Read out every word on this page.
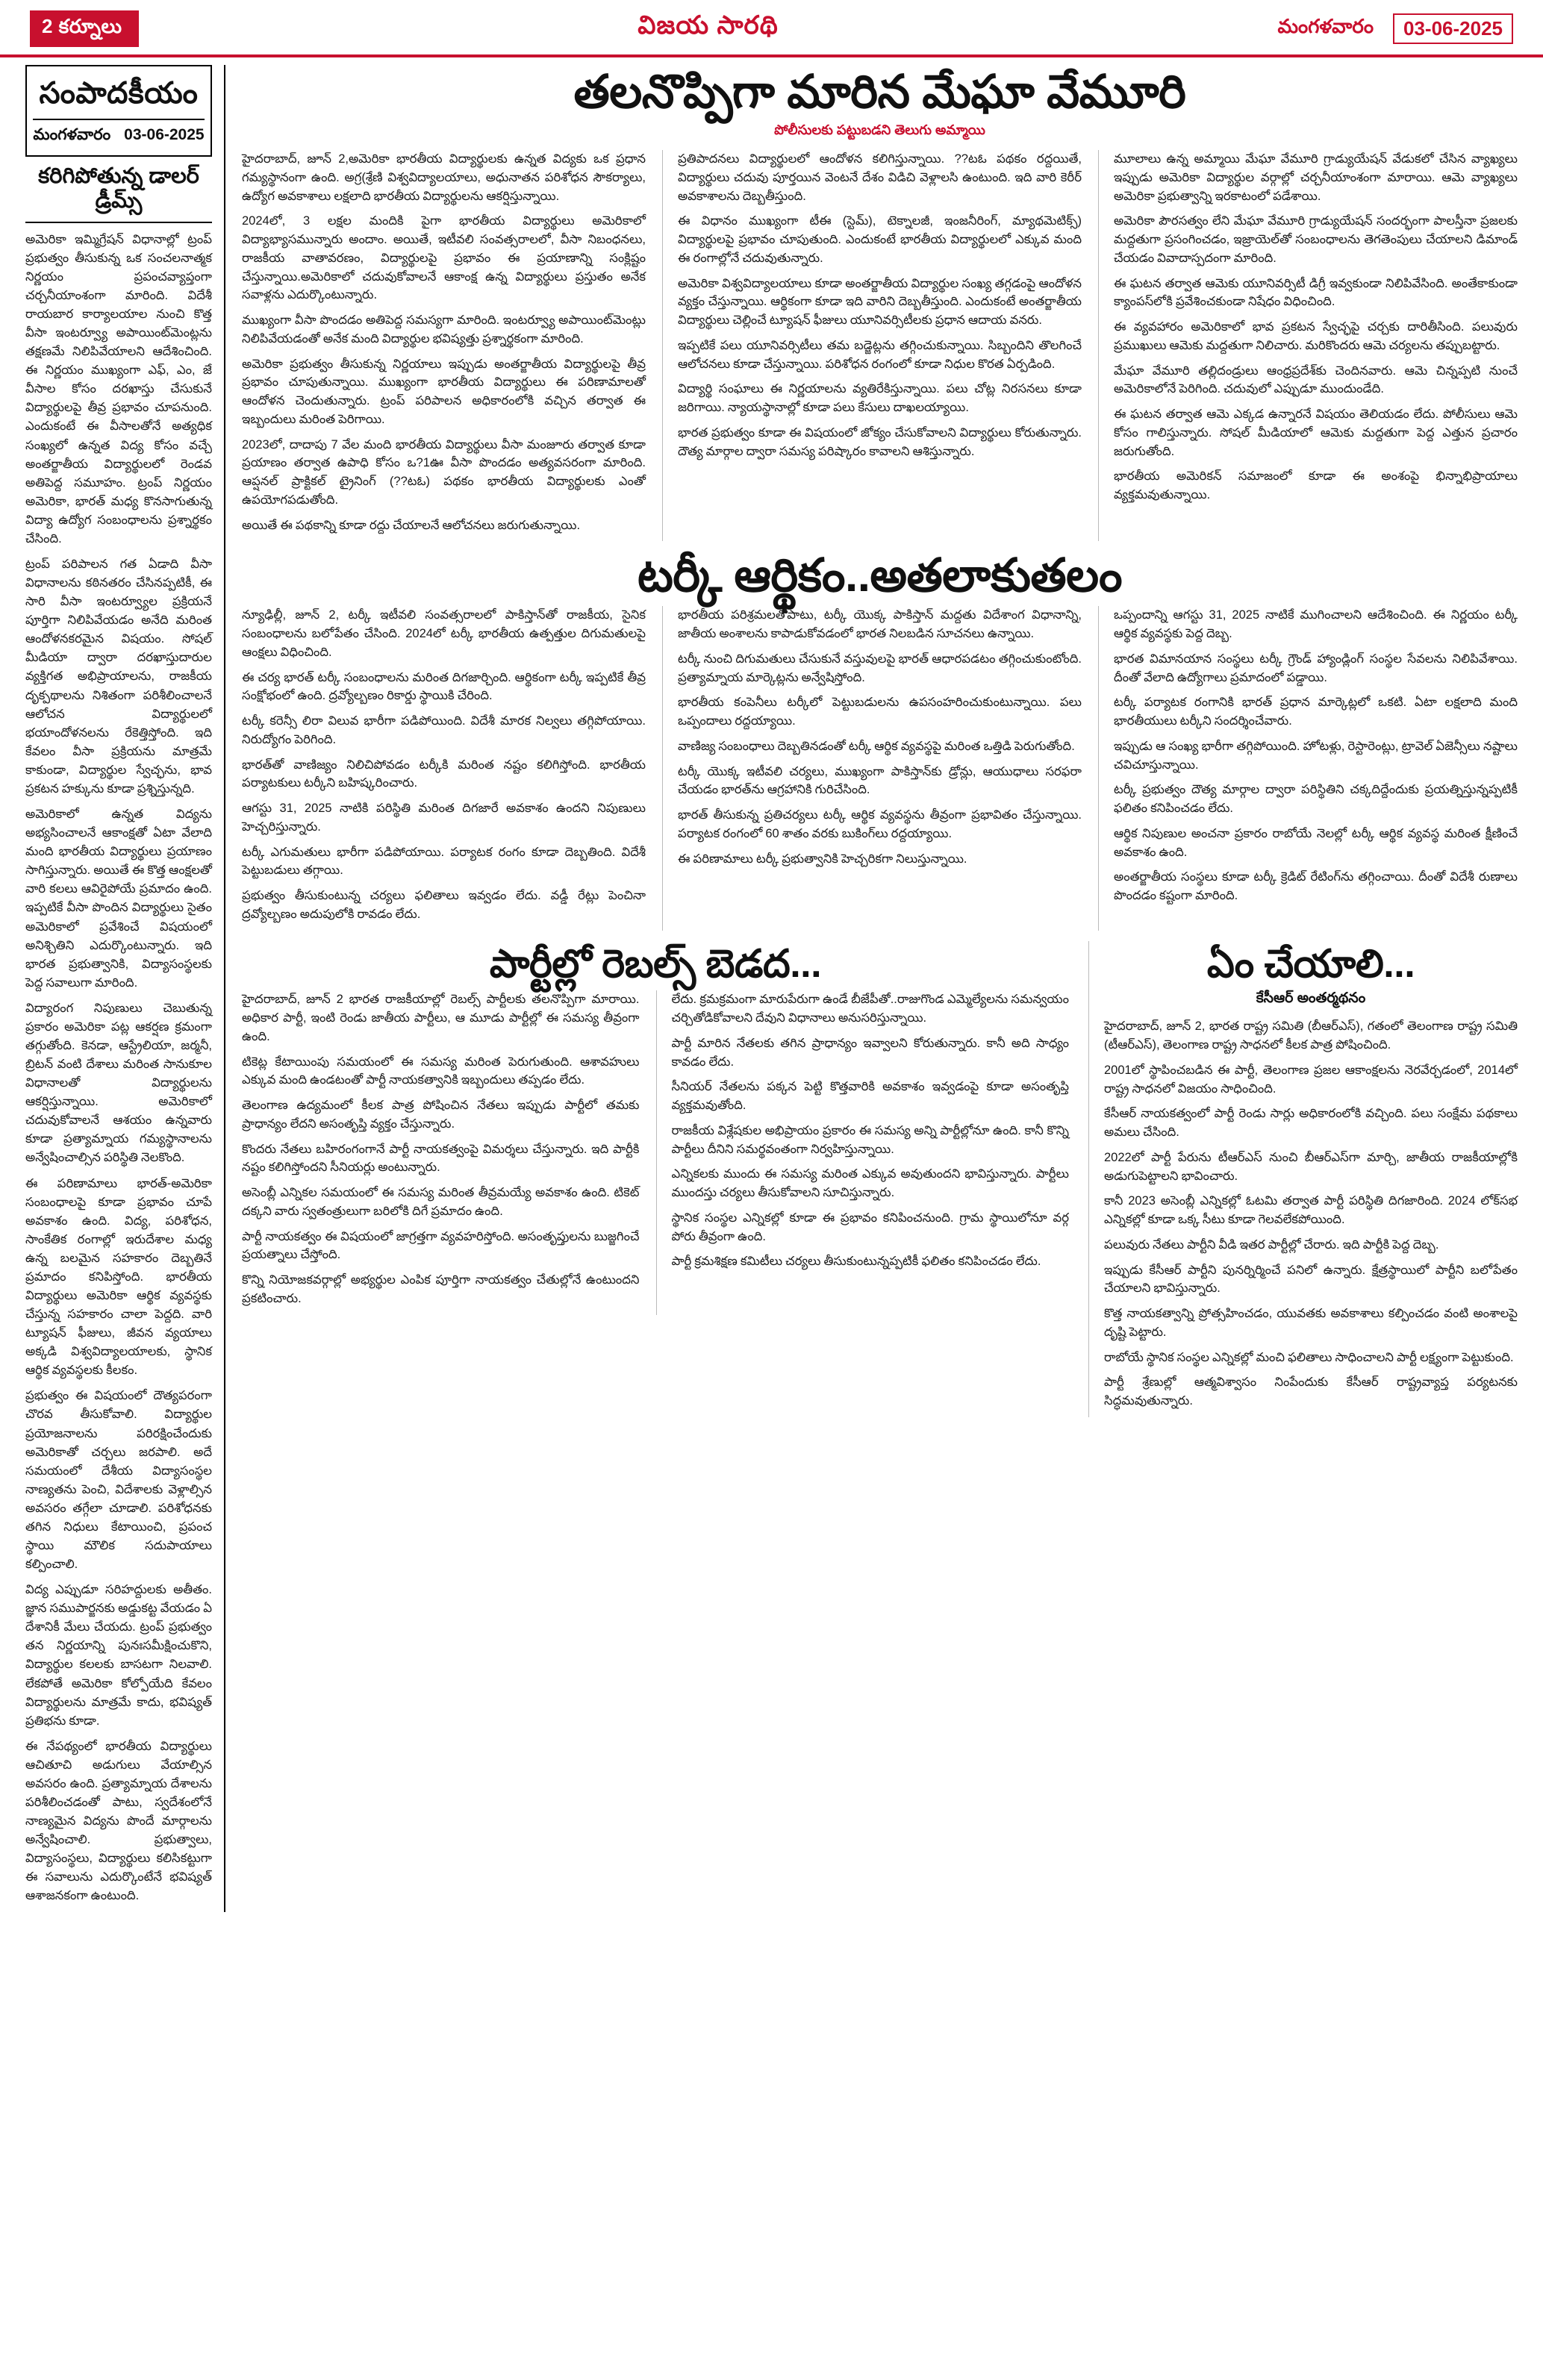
2 కర్నూలు	విజయ సారథి	మంగళవారం	03-06-2025
సంపాదకీయం
మంగళవారం 03-06-2025
కరిగిపోతున్న డాలర్ డ్రీమ్స్

అమెరికా ఇమ్మిగ్రేషన్ విధానాల్లో ట్రంప్ ప్రభుత్వం తీసుకున్న ఒక సంచలనాత్మక నిర్ణయం ప్రపంచవ్యాప్తంగా చర్చనీయాంశంగా మారింది. విదేశీ రాయబార కార్యాలయాల నుంచి కొత్త వీసా ఇంటర్వ్యూ అపాయింట్‌మెంట్లను తక్షణమే నిలిపివేయాలని ఆదేశించింది. ఈ నిర్ణయం ముఖ్యంగా ఎఫ్, ఎం, జే వీసాల కోసం దరఖాస్తు చేసుకునే విద్యార్థులపై తీవ్ర ప్రభావం చూపనుంది. ఎందుకంటే ఈ వీసాలతోనే అత్యధిక సంఖ్యలో ఉన్నత విద్య కోసం వచ్చే అంతర్జాతీయ విద్యార్థులలో రెండవ అతిపెద్ద సమూహం. ట్రంప్ నిర్ణయం అమెరికా, భారత్ మధ్య కొనసాగుతున్న విద్యా ఉద్యోగ సంబంధాలను ప్రశ్నార్థకం చేసింది.

ట్రంప్ పరిపాలన గత ఏడాది వీసా విధానాలను కఠినతరం చేసినప్పటికీ, ఈ సారి వీసా ఇంటర్వ్యూల ప్రక్రియనే పూర్తిగా నిలిపివేయడం అనేది మరింత ఆందోళనకరమైన విషయం. సోషల్ మీడియా ద్వారా దరఖాస్తుదారుల వ్యక్తిగత అభిప్రాయాలను, రాజకీయ దృక్పథాలను నిశితంగా పరిశీలించాలనే ఆలోచన విద్యార్థులలో భయాందోళనలను రేకెత్తిస్తోంది. ఇది కేవలం వీసా ప్రక్రియను మాత్రమే కాకుండా, విద్యార్థుల స్వేచ్ఛను, భావ ప్రకటన హక్కును కూడా ప్రశ్నిస్తున్నది.

అమెరికాలో ఉన్నత విద్యను అభ్యసించాలనే ఆకాంక్షతో ఏటా వేలాది మంది భారతీయ విద్యార్థులు ప్రయాణం సాగిస్తున్నారు. అయితే ఈ కొత్త ఆంక్షలతో వారి కలలు ఆవిరైపోయే ప్రమాదం ఉంది. ఇప్పటికే వీసా పొందిన విద్యార్థులు సైతం అమెరికాలో ప్రవేశించే విషయంలో అనిశ్చితిని ఎదుర్కొంటున్నారు. ఇది భారత ప్రభుత్వానికి, విద్యాసంస్థలకు పెద్ద సవాలుగా మారింది.

విద్యారంగ నిపుణులు చెబుతున్న ప్రకారం అమెరికా పట్ల ఆకర్షణ క్రమంగా తగ్గుతోంది. కెనడా, ఆస్ట్రేలియా, జర్మనీ, బ్రిటన్ వంటి దేశాలు మరింత సానుకూల విధానాలతో విద్యార్థులను ఆకర్షిస్తున్నాయి. అమెరికాలో చదువుకోవాలనే ఆశయం ఉన్నవారు కూడా ప్రత్యామ్నాయ గమ్యస్థానాలను అన్వేషించాల్సిన పరిస్థితి నెలకొంది.

ఈ పరిణామాలు భారత్‌-అమెరికా సంబంధాలపై కూడా ప్రభావం చూపే అవకాశం ఉంది. విద్య, పరిశోధన, సాంకేతిక రంగాల్లో ఇరుదేశాల మధ్య ఉన్న బలమైన సహకారం దెబ్బతినే ప్రమాదం కనిపిస్తోంది. భారతీయ విద్యార్థులు అమెరికా ఆర్థిక వ్యవస్థకు చేస్తున్న సహకారం చాలా పెద్దది. వారి ట్యూషన్ ఫీజులు, జీవన వ్యయాలు అక్కడి విశ్వవిద్యాలయాలకు, స్థానిక ఆర్థిక వ్యవస్థలకు కీలకం.

ప్రభుత్వం ఈ విషయంలో దౌత్యపరంగా చొరవ తీసుకోవాలి. విద్యార్థుల ప్రయోజనాలను పరిరక్షించేందుకు అమెరికాతో చర్చలు జరపాలి. అదే సమయంలో దేశీయ విద్యాసంస్థల నాణ్యతను పెంచి, విదేశాలకు వెళ్లాల్సిన అవసరం తగ్గేలా చూడాలి. పరిశోధనకు తగిన నిధులు కేటాయించి, ప్రపంచ స్థాయి మౌలిక సదుపాయాలు కల్పించాలి.

విద్య ఎప్పుడూ సరిహద్దులకు అతీతం. జ్ఞాన సముపార్జనకు అడ్డుకట్ట వేయడం ఏ దేశానికీ మేలు చేయదు. ట్రంప్ ప్రభుత్వం తన నిర్ణయాన్ని పునఃసమీక్షించుకొని, విద్యార్థుల కలలకు బాసటగా నిలవాలి. లేకపోతే అమెరికా కోల్పోయేది కేవలం విద్యార్థులను మాత్రమే కాదు, భవిష్యత్ ప్రతిభను కూడా.

ఈ నేపథ్యంలో భారతీయ విద్యార్థులు ఆచితూచి అడుగులు వేయాల్సిన అవసరం ఉంది. ప్రత్యామ్నాయ దేశాలను పరిశీలించడంతో పాటు, స్వదేశంలోనే నాణ్యమైన విద్యను పొందే మార్గాలను అన్వేషించాలి. ప్రభుత్వాలు, విద్యాసంస్థలు, విద్యార్థులు కలిసికట్టుగా ఈ సవాలును ఎదుర్కొంటేనే భవిష్యత్ ఆశాజనకంగా ఉంటుంది.

తలనొప్పిగా మారిన మేఘా వేమూరి
పోలీసులకు పట్టుబడని తెలుగు అమ్మాయి

హైదరాబాద్, జూన్ 2,అమెరికా భారతీయ విద్యార్థులకు ఉన్నత విద్యకు ఒక ప్రధాన గమ్యస్థానంగా ఉంది. అగ్ర(శ్రేణి విశ్వవిద్యాలయాలు, అధునాతన పరిశోధన సౌకర్యాలు, ఉద్యోగ అవకాశాలు లక్షలాది భారతీయ విద్యార్థులను ఆకర్షిస్తున్నాయి.

2024లో, 3 లక్షల మందికి పైగా భారతీయ విద్యార్థులు అమెరికాలో విద్యాభ్యాసమున్నారు అందాం. అయితే, ఇటీవలి సంవత్సరాలలో, వీసా నిబంధనలు, రాజకీయ వాతావరణం, విద్యార్థులపై ప్రభావం ఈ ప్రయాణాన్ని సంక్లిష్టం చేస్తున్నాయి.అమెరికాలో చదువుకోవాలనే ఆకాంక్ష ఉన్న విద్యార్థులు ప్రస్తుతం అనేక సవాళ్లను ఎదుర్కొంటున్నారు.

ముఖ్యంగా వీసా పొందడం అతిపెద్ద సమస్యగా మారింది. ఇంటర్వ్యూ అపాయింట్‌మెంట్లు నిలిపివేయడంతో అనేక మంది విద్యార్థుల భవిష్యత్తు ప్రశ్నార్థకంగా మారింది.

అమెరికా ప్రభుత్వం తీసుకున్న నిర్ణయాలు ఇప్పుడు అంతర్జాతీయ విద్యార్థులపై తీవ్ర ప్రభావం చూపుతున్నాయి. ముఖ్యంగా భారతీయ విద్యార్థులు ఈ పరిణామాలతో ఆందోళన చెందుతున్నారు. ట్రంప్ పరిపాలన అధికారంలోకి వచ్చిన తర్వాత ఈ ఇబ్బందులు మరింత పెరిగాయి.

2023లో, దాదాపు 7 వేల మంది భారతీయ విద్యార్థులు వీసా మంజూరు తర్వాత కూడా ప్రయాణం తర్వాత ఉపాధి కోసం ఒ?1ఊ వీసా పొందడం అత్యవసరంగా మారింది. ఆప్షనల్ ప్రాక్టికల్ ట్రైనింగ్ (??టఓ) పథకం భారతీయ విద్యార్థులకు ఎంతో ఉపయోగపడుతోంది.

అయితే ఈ పథకాన్ని కూడా రద్దు చేయాలనే ఆలోచనలు జరుగుతున్నాయి.

ప్రతిపాదనలు విద్యార్థులలో ఆందోళన కలిగిస్తున్నాయి. ??టఓ పథకం రద్దయితే, విద్యార్థులు చదువు పూర్తయిన వెంటనే దేశం విడిచి వెళ్లాలసి ఉంటుంది. ఇది వారి కెరీర్ అవకాశాలను దెబ్బతీస్తుంది.

ఈ విధానం ముఖ్యంగా టీఈ (స్టెమ్), టెక్నాలజీ, ఇంజనీరింగ్, మ్యాథమెటిక్స్) విద్యార్థులపై ప్రభావం చూపుతుంది. ఎందుకంటే భారతీయ విద్యార్థులలో ఎక్కువ మంది ఈ రంగాల్లోనే చదువుతున్నారు.

అమెరికా విశ్వవిద్యాలయాలు కూడా అంతర్జాతీయ విద్యార్థుల సంఖ్య తగ్గడంపై ఆందోళన వ్యక్తం చేస్తున్నాయి. ఆర్థికంగా కూడా ఇది వారిని దెబ్బతీస్తుంది. ఎందుకంటే అంతర్జాతీయ విద్యార్థులు చెల్లించే ట్యూషన్ ఫీజులు యూనివర్సిటీలకు ప్రధాన ఆదాయ వనరు.

ఇప్పటికే పలు యూనివర్సిటీలు తమ బడ్జెట్లను తగ్గించుకున్నాయి. సిబ్బందిని తొలగించే ఆలోచనలు కూడా చేస్తున్నాయి. పరిశోధన రంగంలో కూడా నిధుల కొరత ఏర్పడింది.

విద్యార్థి సంఘాలు ఈ నిర్ణయాలను వ్యతిరేకిస్తున్నాయి. పలు చోట్ల నిరసనలు కూడా జరిగాయి. న్యాయస్థానాల్లో కూడా పలు కేసులు దాఖలయ్యాయి.

భారత ప్రభుత్వం కూడా ఈ విషయంలో జోక్యం చేసుకోవాలని విద్యార్థులు కోరుతున్నారు. దౌత్య మార్గాల ద్వారా సమస్య పరిష్కారం కావాలని ఆశిస్తున్నారు.

మూలాలు ఉన్న అమ్మాయి మేఘా వేమూరి గ్రాడ్యుయేషన్ వేడుకలో చేసిన వ్యాఖ్యలు ఇప్పుడు అమెరికా విద్యార్థుల వర్గాల్లో చర్చనీయాంశంగా మారాయి. ఆమె వ్యాఖ్యలు అమెరికా ప్రభుత్వాన్ని ఇరకాటంలో పడేశాయి.

అమెరికా పౌరసత్వం లేని మేఘా వేమూరి గ్రాడ్యుయేషన్ సందర్భంగా పాలస్తీనా ప్రజలకు మద్దతుగా ప్రసంగించడం, ఇజ్రాయెల్‌తో సంబంధాలను తెగతెంపులు చేయాలని డిమాండ్ చేయడం వివాదాస్పదంగా మారింది.

ఈ ఘటన తర్వాత ఆమెకు యూనివర్సిటీ డిగ్రీ ఇవ్వకుండా నిలిపివేసింది. అంతేకాకుండా క్యాంపస్‌లోకి ప్రవేశించకుండా నిషేధం విధించింది.

ఈ వ్యవహారం అమెరికాలో భావ ప్రకటన స్వేచ్ఛపై చర్చకు దారితీసింది. పలువురు ప్రముఖులు ఆమెకు మద్దతుగా నిలిచారు. మరికొందరు ఆమె చర్యలను తప్పుబట్టారు.

మేఘా వేమూరి తల్లిదండ్రులు ఆంధ్రప్రదేశ్‌కు చెందినవారు. ఆమె చిన్నప్పటి నుంచే అమెరికాలోనే పెరిగింది. చదువులో ఎప్పుడూ ముందుండేది.

ఈ ఘటన తర్వాత ఆమె ఎక్కడ ఉన్నారనే విషయం తెలియడం లేదు. పోలీసులు ఆమె కోసం గాలిస్తున్నారు. సోషల్ మీడియాలో ఆమెకు మద్దతుగా పెద్ద ఎత్తున ప్రచారం జరుగుతోంది.

భారతీయ అమెరికన్ సమాజంలో కూడా ఈ అంశంపై భిన్నాభిప్రాయాలు వ్యక్తమవుతున్నాయి.

టర్కీ ఆర్థికం..అతలాకుతలం

న్యూఢిల్లీ, జూన్ 2, టర్కీ ఇటీవలి సంవత్సరాలలో పాకిస్తాన్‌తో రాజకీయ, సైనిక సంబంధాలను బలోపేతం చేసింది. 2024లో టర్కీ భారతీయ ఉత్పత్తుల దిగుమతులపై ఆంక్షలు విధించింది.

ఈ చర్య భారత్‌ టర్కీ సంబంధాలను మరింత దిగజార్చింది. ఆర్థికంగా టర్కీ ఇప్పటికే తీవ్ర సంక్షోభంలో ఉంది. ద్రవ్యోల్బణం రికార్డు స్థాయికి చేరింది.

టర్కీ కరెన్సీ లిరా విలువ భారీగా పడిపోయింది. విదేశీ మారక నిల్వలు తగ్గిపోయాయి. నిరుద్యోగం పెరిగింది.

భారత్‌తో వాణిజ్యం నిలిచిపోవడం టర్కీకి మరింత నష్టం కలిగిస్తోంది. భారతీయ పర్యాటకులు టర్కీని బహిష్కరించారు.

ఆగస్టు 31, 2025 నాటికి పరిస్థితి మరింత దిగజారే అవకాశం ఉందని నిపుణులు హెచ్చరిస్తున్నారు.

టర్కీ ఎగుమతులు భారీగా పడిపోయాయి. పర్యాటక రంగం కూడా దెబ్బతింది. విదేశీ పెట్టుబడులు తగ్గాయి.

ప్రభుత్వం తీసుకుంటున్న చర్యలు ఫలితాలు ఇవ్వడం లేదు. వడ్డీ రేట్లు పెంచినా ద్రవ్యోల్బణం అదుపులోకి రావడం లేదు.

భారతీయ పరిశ్రమలతోపాటు, టర్కీ యొక్క పాకిస్తాన్ మద్దతు విదేశాంగ విధానాన్ని, జాతీయ అంశాలను కాపాడుకోవడంలో భారత నిలబడిన సూచనలు ఉన్నాయి.

టర్కీ నుంచి దిగుమతులు చేసుకునే వస్తువులపై భారత్ ఆధారపడటం తగ్గించుకుంటోంది. ప్రత్యామ్నాయ మార్కెట్లను అన్వేషిస్తోంది.

భారతీయ కంపెనీలు టర్కీలో పెట్టుబడులను ఉపసంహరించుకుంటున్నాయి. పలు ఒప్పందాలు రద్దయ్యాయి.

వాణిజ్య సంబంధాలు దెబ్బతినడంతో టర్కీ ఆర్థిక వ్యవస్థపై మరింత ఒత్తిడి పెరుగుతోంది.

టర్కీ యొక్క ఇటీవలి చర్యలు, ముఖ్యంగా పాకిస్తాన్‌కు డ్రోన్లు, ఆయుధాలు సరఫరా చేయడం భారత్‌ను ఆగ్రహానికి గురిచేసింది.

భారత్ తీసుకున్న ప్రతిచర్యలు టర్కీ ఆర్థిక వ్యవస్థను తీవ్రంగా ప్రభావితం చేస్తున్నాయి. పర్యాటక రంగంలో 60 శాతం వరకు బుకింగ్‌లు రద్దయ్యాయి.

ఈ పరిణామాలు టర్కీ ప్రభుత్వానికి హెచ్చరికగా నిలుస్తున్నాయి.

ఒప్పందాన్ని ఆగస్టు 31, 2025 నాటికే ముగించాలని ఆదేశించింది. ఈ నిర్ణయం టర్కీ ఆర్థిక వ్యవస్థకు పెద్ద దెబ్బ.

భారత విమానయాన సంస్థలు టర్కీ గ్రౌండ్ హ్యాండ్లింగ్ సంస్థల సేవలను నిలిపివేశాయి. దీంతో వేలాది ఉద్యోగాలు ప్రమాదంలో పడ్డాయి.

టర్కీ పర్యాటక రంగానికి భారత్ ప్రధాన మార్కెట్లలో ఒకటి. ఏటా లక్షలాది మంది భారతీయులు టర్కీని సందర్శించేవారు.

ఇప్పుడు ఆ సంఖ్య భారీగా తగ్గిపోయింది. హోటళ్లు, రెస్టారెంట్లు, ట్రావెల్ ఏజెన్సీలు నష్టాలు చవిచూస్తున్నాయి.

టర్కీ ప్రభుత్వం దౌత్య మార్గాల ద్వారా పరిస్థితిని చక్కదిద్దేందుకు ప్రయత్నిస్తున్నప్పటికీ ఫలితం కనిపించడం లేదు.

ఆర్థిక నిపుణుల అంచనా ప్రకారం రాబోయే నెలల్లో టర్కీ ఆర్థిక వ్యవస్థ మరింత క్షీణించే అవకాశం ఉంది.

అంతర్జాతీయ సంస్థలు కూడా టర్కీ క్రెడిట్ రేటింగ్‌ను తగ్గించాయి. దీంతో విదేశీ రుణాలు పొందడం కష్టంగా మారింది.

పార్టీల్లో రెబల్స్ బెడద...

హైదరాబాద్, జూన్ 2 భారత రాజకీయాల్లో రెబల్స్ పార్టీలకు తలనొప్పిగా మారాయి. అధికార పార్టీ, ఇంటి రెండు జాతీయ పార్టీలు, ఆ మూడు పార్టీల్లో ఈ సమస్య తీవ్రంగా ఉంది.

టికెట్ల కేటాయింపు సమయంలో ఈ సమస్య మరింత పెరుగుతుంది. ఆశావహులు ఎక్కువ మంది ఉండటంతో పార్టీ నాయకత్వానికి ఇబ్బందులు తప్పడం లేదు.

తెలంగాణ ఉద్యమంలో కీలక పాత్ర పోషించిన నేతలు ఇప్పుడు పార్టీలో తమకు ప్రాధాన్యం లేదని అసంతృప్తి వ్యక్తం చేస్తున్నారు.

కొందరు నేతలు బహిరంగంగానే పార్టీ నాయకత్వంపై విమర్శలు చేస్తున్నారు. ఇది పార్టీకి నష్టం కలిగిస్తోందని సీనియర్లు అంటున్నారు.

అసెంబ్లీ ఎన్నికల సమయంలో ఈ సమస్య మరింత తీవ్రమయ్యే అవకాశం ఉంది. టికెట్ దక్కని వారు స్వతంత్రులుగా బరిలోకి దిగే ప్రమాదం ఉంది.

పార్టీ నాయకత్వం ఈ విషయంలో జాగ్రత్తగా వ్యవహరిస్తోంది. అసంతృప్తులను బుజ్జగించే ప్రయత్నాలు చేస్తోంది.

కొన్ని నియోజకవర్గాల్లో అభ్యర్థుల ఎంపిక పూర్తిగా నాయకత్వం చేతుల్లోనే ఉంటుందని ప్రకటించారు.

లేదు. క్రమక్రమంగా మారుపేరుగా ఉండే బీజేపీతో..రాజుగొండ ఎమ్మెల్యేలను సమన్వయం చర్చితోడికోవాలని దేవుని విధానాలు అనుసరిస్తున్నాయి.

పార్టీ మారిన నేతలకు తగిన ప్రాధాన్యం ఇవ్వాలని కోరుతున్నారు. కానీ అది సాధ్యం కావడం లేదు.

సీనియర్ నేతలను పక్కన పెట్టి కొత్తవారికి అవకాశం ఇవ్వడంపై కూడా అసంతృప్తి వ్యక్తమవుతోంది.

రాజకీయ విశ్లేషకుల అభిప్రాయం ప్రకారం ఈ సమస్య అన్ని పార్టీల్లోనూ ఉంది. కానీ కొన్ని పార్టీలు దీనిని సమర్థవంతంగా నిర్వహిస్తున్నాయి.

ఎన్నికలకు ముందు ఈ సమస్య మరింత ఎక్కువ అవుతుందని భావిస్తున్నారు. పార్టీలు ముందస్తు చర్యలు తీసుకోవాలని సూచిస్తున్నారు.

స్థానిక సంస్థల ఎన్నికల్లో కూడా ఈ ప్రభావం కనిపించనుంది. గ్రామ స్థాయిలోనూ వర్గ పోరు తీవ్రంగా ఉంది.

పార్టీ క్రమశిక్షణ కమిటీలు చర్యలు తీసుకుంటున్నప్పటికీ ఫలితం కనిపించడం లేదు.

ఏం చేయాలి...
కేసీఆర్ అంతర్మథనం

హైదరాబాద్, జూన్ 2, భారత రాష్ట్ర సమితి (బీఆర్ఎస్), గతంలో తెలంగాణ రాష్ట్ర సమితి (టీఆర్ఎస్), తెలంగాణ రాష్ట్ర సాధనలో కీలక పాత్ర పోషించింది.

2001లో స్థాపించబడిన ఈ పార్టీ, తెలంగాణ ప్రజల ఆకాంక్షలను నెరవేర్చడంలో, 2014లో రాష్ట్ర సాధనలో విజయం సాధించింది.

కేసీఆర్ నాయకత్వంలో పార్టీ రెండు సార్లు అధికారంలోకి వచ్చింది. పలు సంక్షేమ పథకాలు అమలు చేసింది.

2022లో పార్టీ పేరును టీఆర్ఎస్ నుంచి బీఆర్ఎస్‌గా మార్చి, జాతీయ రాజకీయాల్లోకి అడుగుపెట్టాలని భావించారు.

కానీ 2023 అసెంబ్లీ ఎన్నికల్లో ఓటమి తర్వాత పార్టీ పరిస్థితి దిగజారింది. 2024 లోక్‌సభ ఎన్నికల్లో కూడా ఒక్క సీటు కూడా గెలవలేకపోయింది.

పలువురు నేతలు పార్టీని వీడి ఇతర పార్టీల్లో చేరారు. ఇది పార్టీకి పెద్ద దెబ్బ.

ఇప్పుడు కేసీఆర్ పార్టీని పునర్నిర్మించే పనిలో ఉన్నారు. క్షేత్రస్థాయిలో పార్టీని బలోపేతం చేయాలని భావిస్తున్నారు.

కొత్త నాయకత్వాన్ని ప్రోత్సహించడం, యువతకు అవకాశాలు కల్పించడం వంటి అంశాలపై దృష్టి పెట్టారు.

రాబోయే స్థానిక సంస్థల ఎన్నికల్లో మంచి ఫలితాలు సాధించాలని పార్టీ లక్ష్యంగా పెట్టుకుంది.

పార్టీ శ్రేణుల్లో ఆత్మవిశ్వాసం నింపేందుకు కేసీఆర్ రాష్ట్రవ్యాప్త పర్యటనకు సిద్ధమవుతున్నారు.
